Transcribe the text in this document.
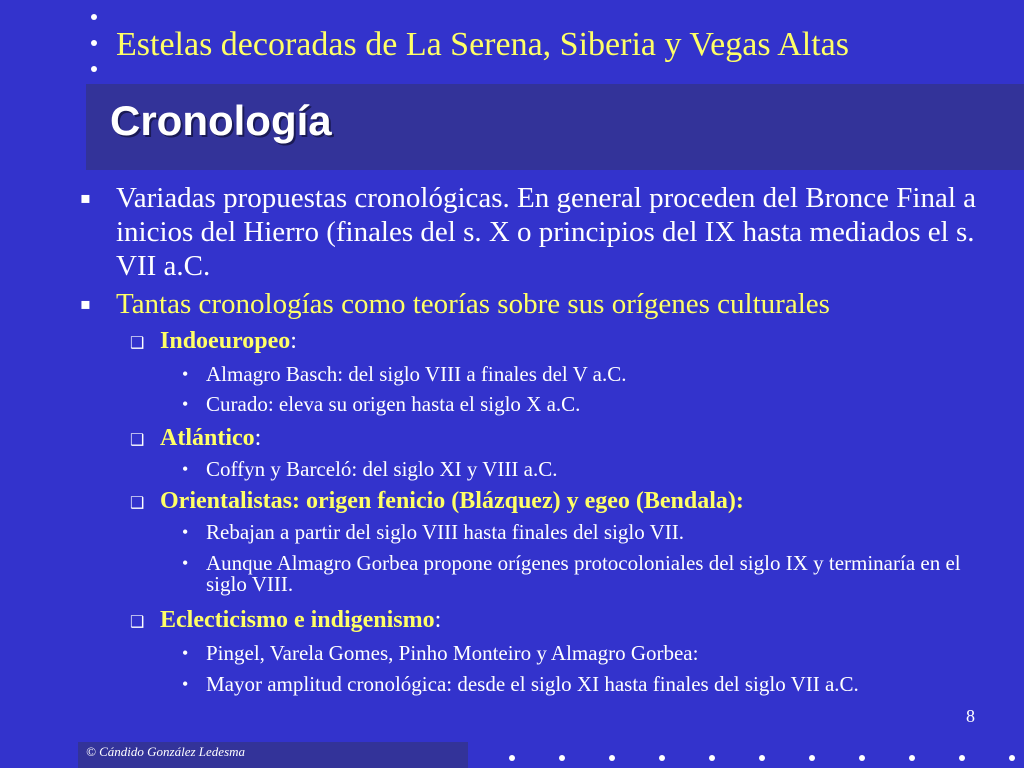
Estelas decoradas de La Serena, Siberia y Vegas Altas
Cronología
▪ Variadas propuestas cronológicas. En general proceden del Bronce Final a inicios del Hierro (finales del s. X o principios del IX hasta mediados el s. VII a.C.
▪ Tantas cronologías como teorías sobre sus orígenes culturales
❑ Indoeuropeo:
• Almagro Basch: del siglo VIII a finales del V a.C.
• Curado: eleva su origen hasta el siglo X a.C.
❑ Atlántico:
• Coffyn y Barceló: del siglo XI y VIII a.C.
❑ Orientalistas: origen fenicio (Blázquez) y egeo (Bendala):
• Rebajan a partir del siglo VIII hasta finales del siglo VII.
• Aunque Almagro Gorbea propone orígenes protocoloniales del siglo IX y terminaría en el siglo VIII.
❑ Eclecticismo e indigenismo:
• Pingel, Varela Gomes, Pinho Monteiro y Almagro Gorbea:
• Mayor amplitud cronológica: desde el siglo XI hasta finales del siglo VII a.C.
8
© Cándido González Ledesma
